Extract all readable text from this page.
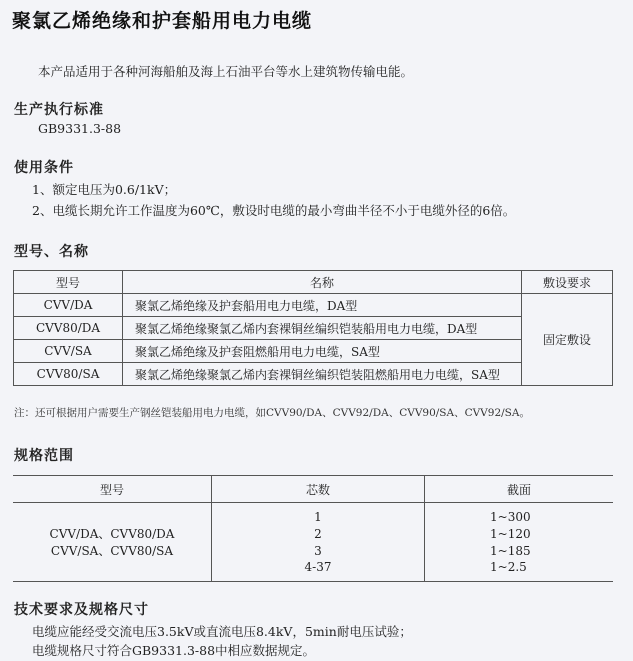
聚氯乙烯绝缘和护套船用电力电缆
本产品适用于各种河海船舶及海上石油平台等水上建筑物传输电能。
生产执行标准
GB9331.3-88
使用条件
1、额定电压为0.6/1kV；
2、电缆长期允许工作温度为60℃，敷设时电缆的最小弯曲半径不小于电缆外径的6倍。
型号、名称
型号	名称	敷设要求
CVV/DA	聚氯乙烯绝缘及护套船用电力电缆，DA型	固定敷设
CVV80/DA	聚氯乙烯绝缘聚氯乙烯内套裸铜丝编织铠装船用电力电缆，DA型	
CVV/SA	聚氯乙烯绝缘及护套阻燃船用电力电缆，SA型	
CVV80/SA	聚氯乙烯绝缘聚氯乙烯内套裸铜丝编织铠装阻燃船用电力电缆，SA型	
注：还可根据用户需要生产钢丝铠装船用电力电缆，如CVV90/DA、CVV92/DA、CVV90/SA、CVV92/SA。
规格范围
型号	芯数	截面

	1	1~300
CVV/DA、CVV80/DA	2	1~120
CVV/SA、CVV80/SA	3	1~185
	4-37	1~2.5

技术要求及规格尺寸
电缆应能经受交流电压3.5kV或直流电压8.4kV，5min耐电压试验；
电缆规格尺寸符合GB9331.3-88中相应数据规定。
